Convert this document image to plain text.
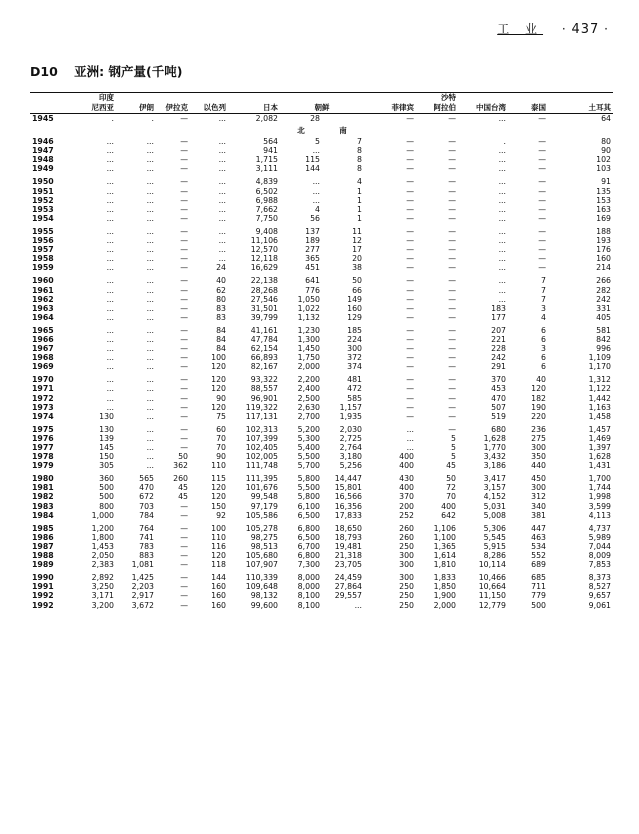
工 业 · 437 ·
D10 亚洲: 钢产量(千吨)
	印度								沙特			
	尼西亚	伊朗	伊拉克	以色列	日本	朝鲜		菲律宾	阿拉伯	中国台湾	泰国	土耳其
1945	.	.	—	...	2,082	28		—	—	...	—	64
						北	南					
1946	...	...	—	...	564	5	7	—	—	.	—	80
1947	...	...	—	...	941	...	8	—	—	...	—	90
1948	...	...	—	...	1,715	115	8	—	—	...	—	102
1949	...	...	—	...	3,111	144	8	—	—	...	—	103

1950	...	...	—	...	4,839	...	4	—	—	...	—	91
1951	...	...	—	...	6,502	...	1	—	—	...	—	135
1952	...	...	—	...	6,988	...	1	—	—	...	—	153
1953	...	...	—	...	7,662	4	1	—	—	...	—	163
1954	...	...	—	...	7,750	56	1	—	—	...	—	169

1955	...	...	—	...	9,408	137	11	—	—	...	—	188
1956	...	...	—	...	11,106	189	12	—	—	...	—	193
1957	...	...	—	...	12,570	277	17	—	—	...	—	176
1958	...	...	—	...	12,118	365	20	—	—	...	—	160
1959	...	...	—	24	16,629	451	38	—	—	...	—	214

1960	...	...	—	40	22,138	641	50	—	—	...	7	266
1961	...	...	—	62	28,268	776	66	—	—	...	7	282
1962	...	...	—	80	27,546	1,050	149	—	—	...	7	242
1963	...	...	—	83	31,501	1,022	160	—	—	183	3	331
1964	...	...	—	83	39,799	1,132	129	—	—	177	4	405

1965	...	...	—	84	41,161	1,230	185	—	—	207	6	581
1966	...	...	—	84	47,784	1,300	224	—	—	221	6	842
1967	...	...	—	84	62,154	1,450	300	—	—	228	3	996
1968	...	...	—	100	66,893	1,750	372	—	—	242	6	1,109
1969	...	...	—	120	82,167	2,000	374	—	—	291	6	1,170

1970	...	...	—	120	93,322	2,200	481	—	—	370	40	1,312
1971	...	...	—	120	88,557	2,400	472	—	—	453	120	1,122
1972	...	...	—	90	96,901	2,500	585	—	—	470	182	1,442
1973	...	...	—	120	119,322	2,630	1,157	—	—	507	190	1,163
1974	130	...	—	75	117,131	2,700	1,935	—	—	519	220	1,458

1975	130	...	—	60	102,313	5,200	2,030	...	—	680	236	1,457
1976	139	...	—	70	107,399	5,300	2,725	...	5	1,628	275	1,469
1977	145	...	—	70	102,405	5,400	2,764	...	5	1,770	300	1,397
1978	150	...	50	90	102,005	5,500	3,180	400	5	3,432	350	1,628
1979	305	...	362	110	111,748	5,700	5,256	400	45	3,186	440	1,431

1980	360	565	260	115	111,395	5,800	14,447	430	50	3,417	450	1,700
1981	500	470	45	120	101,676	5,500	15,801	400	72	3,157	300	1,744
1982	500	672	45	120	99,548	5,800	16,566	370	70	4,152	312	1,998
1983	800	703	—	150	97,179	6,100	16,356	200	400	5,031	340	3,599
1984	1,000	784	—	92	105,586	6,500	17,833	252	642	5,008	381	4,113

1985	1,200	764	—	100	105,278	6,800	18,650	260	1,106	5,306	447	4,737
1986	1,800	741	—	110	98,275	6,500	18,793	260	1,100	5,545	463	5,989
1987	1,453	783	—	116	98,513	6,700	19,481	250	1,365	5,915	534	7,044
1988	2,050	883	—	120	105,680	6,800	21,318	300	1,614	8,286	552	8,009
1989	2,383	1,081	—	118	107,907	7,300	23,705	300	1,810	10,114	689	7,853

1990	2,892	1,425	—	144	110,339	8,000	24,459	300	1,833	10,466	685	8,373
1991	3,250	2,203	—	160	109,648	8,000	27,864	250	1,850	10,664	711	8,527
1992	3,171	2,917	—	160	98,132	8,100	29,557	250	1,900	11,150	779	9,657
1992	3,200	3,672	—	160	99,600	8,100	...	250	2,000	12,779	500	9,061
